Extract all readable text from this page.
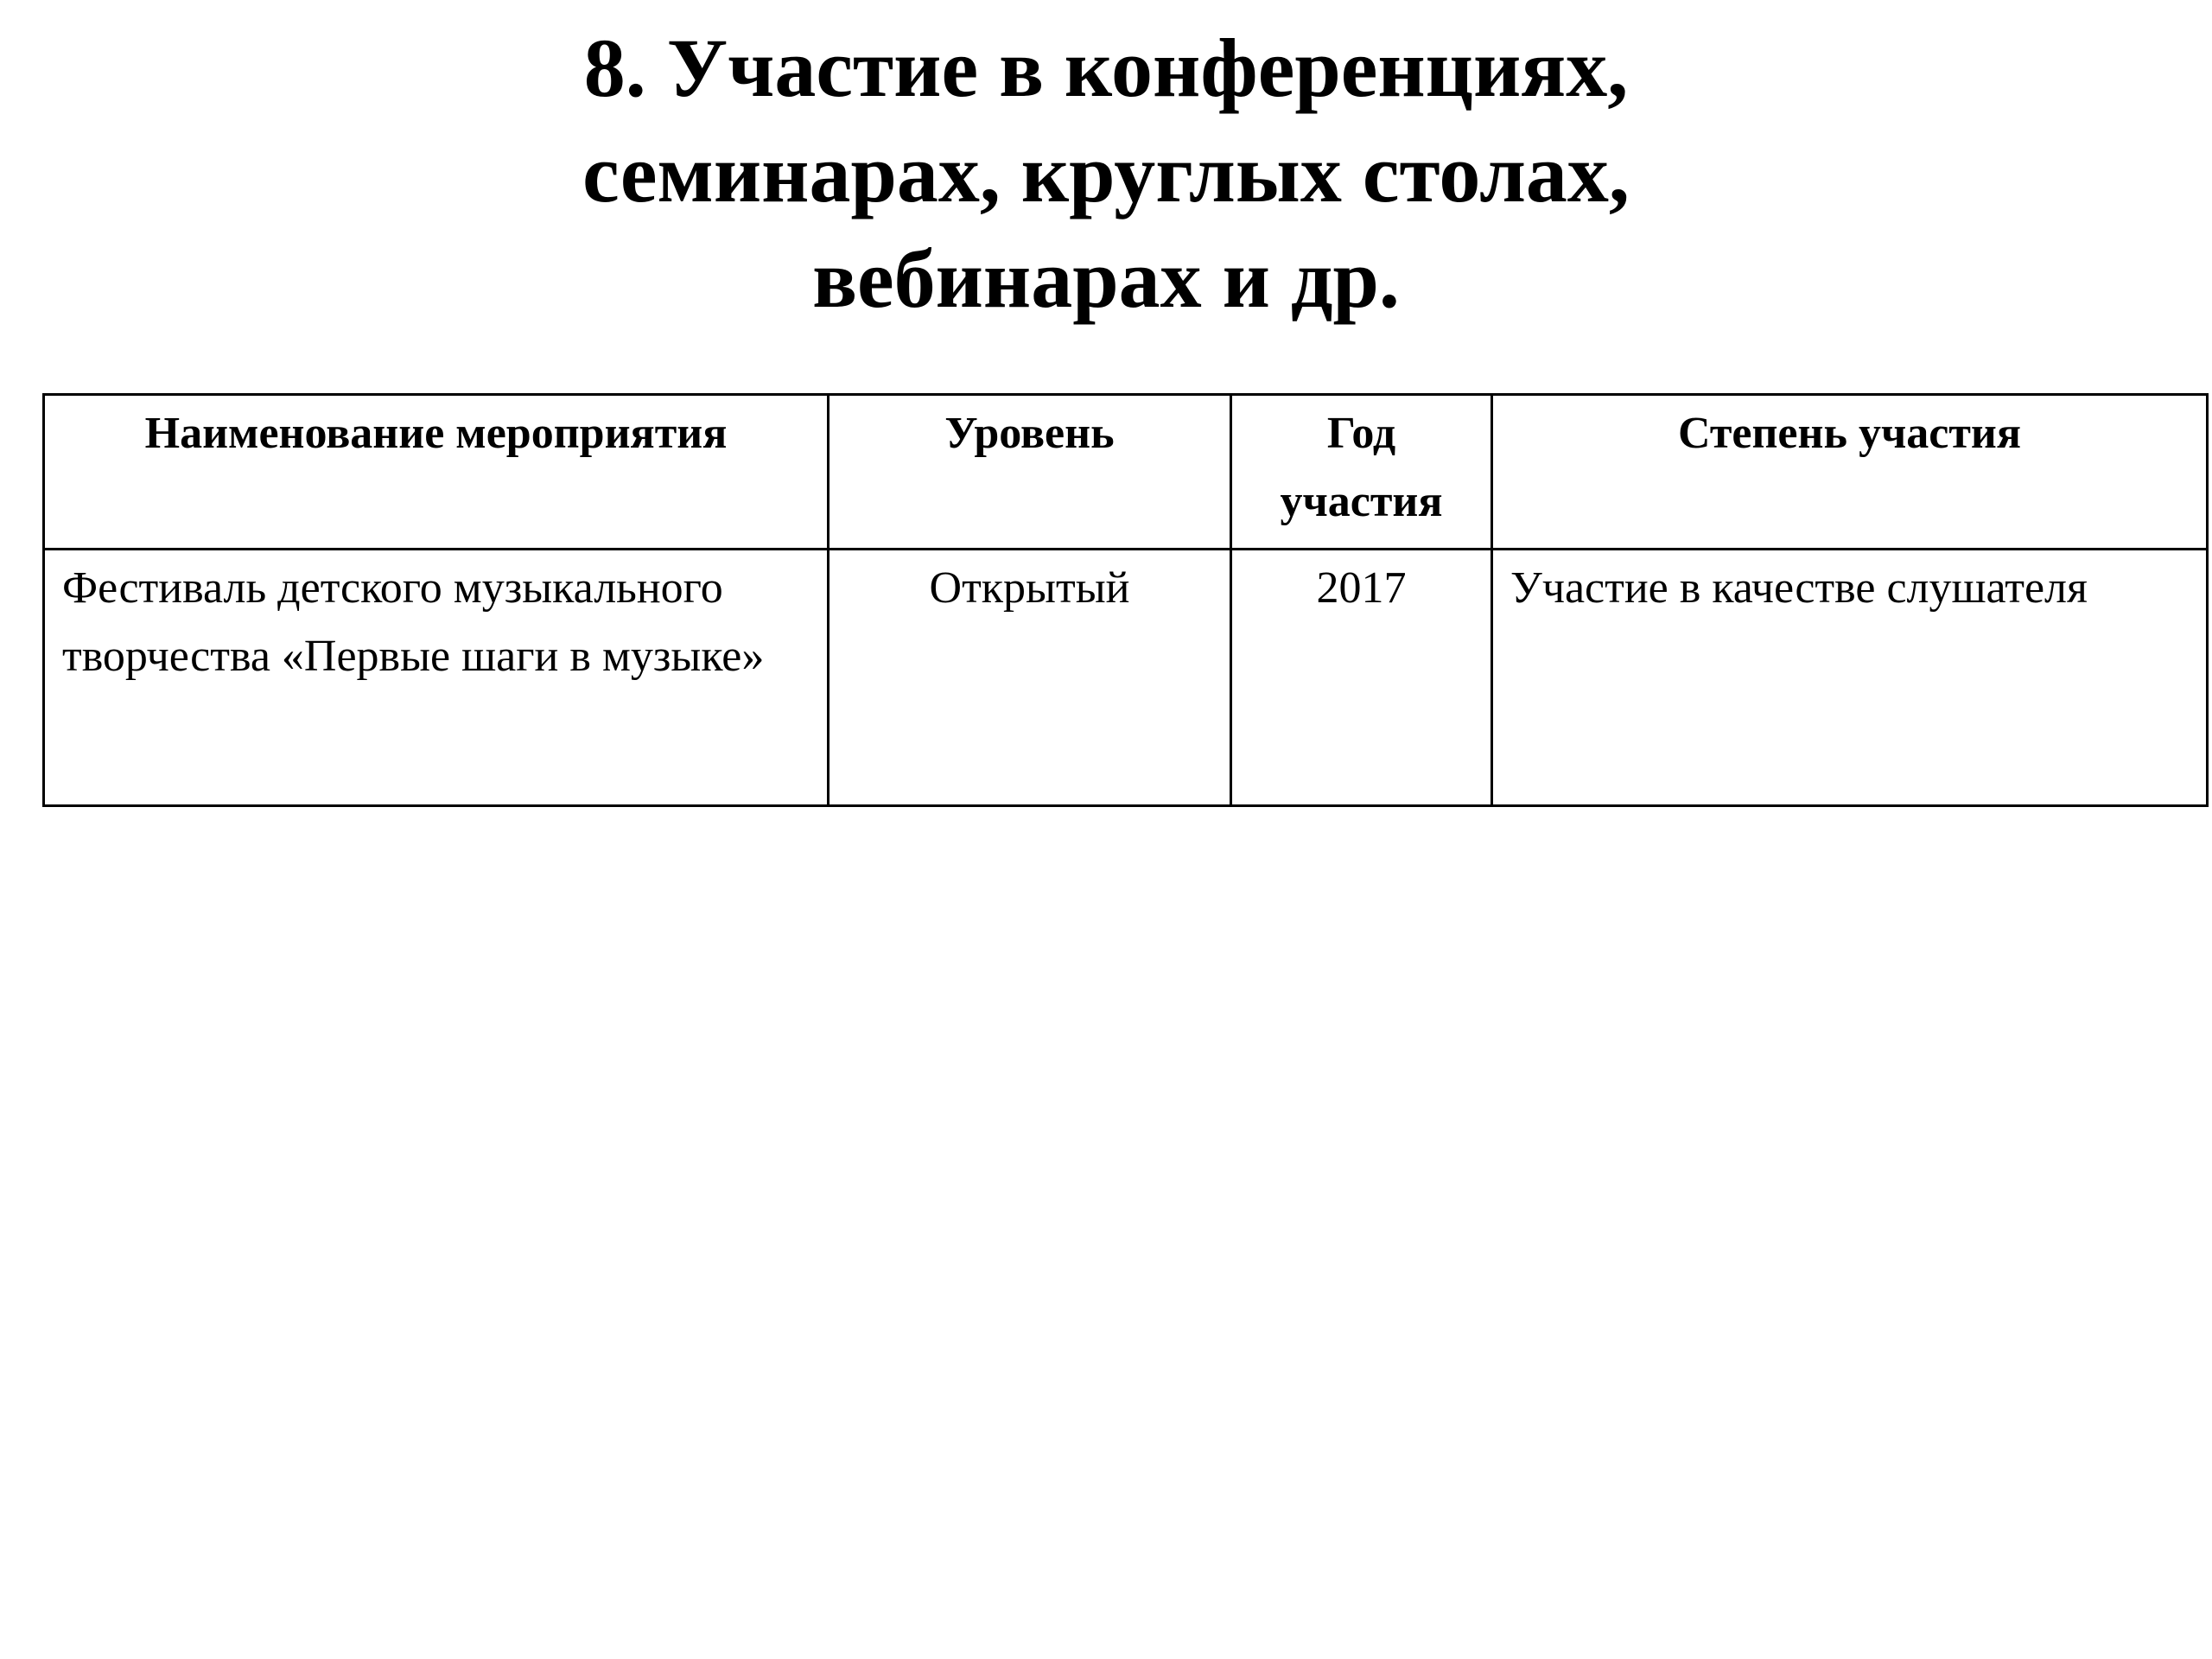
8. Участие в конференциях,
семинарах, круглых столах,
вебинарах и др.
Наименование мероприятия	Уровень	Год участия	Степень участия
Фестиваль детского музыкального творчества «Первые шаги в музыке»	Открытый	2017	Участие в качестве слушателя
